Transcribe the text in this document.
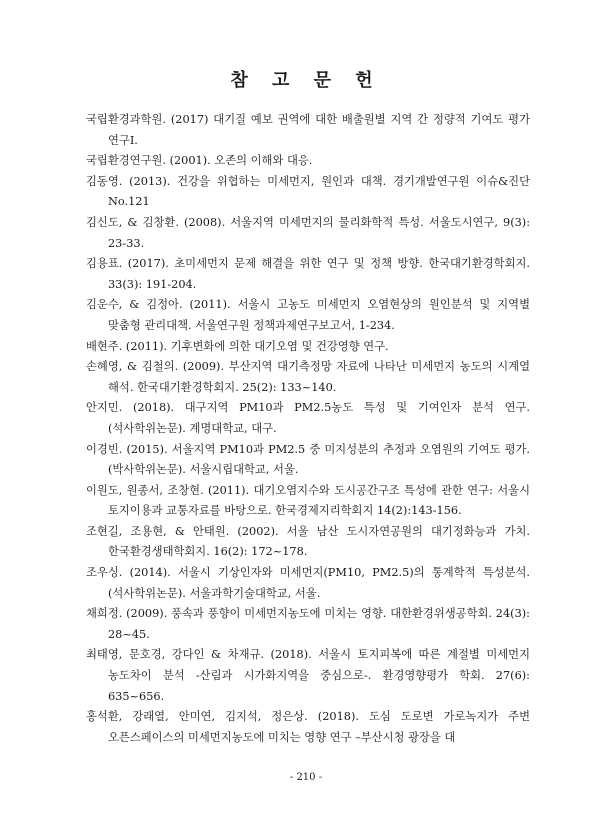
참 고 문 헌
국립환경과학원. (2017) 대기질 예보 권역에 대한 배출원별 지역 간 정량적 기여도 평가 연구Ⅰ.
국립환경연구원. (2001). 오존의 이해와 대응.
김동영. (2013). 건강을 위협하는 미세먼지, 원인과 대책. 경기개발연구원 이슈&진단 No.121
김신도, & 김창환. (2008). 서울지역 미세먼지의 물리화학적 특성. 서울도시연구, 9(3): 23-33.
김용표. (2017). 초미세먼지 문제 해결을 위한 연구 및 정책 방향. 한국대기환경학회지. 33(3): 191-204.
김운수, & 김정아. (2011). 서울시 고농도 미세먼지 오염현상의 원인분석 및 지역별 맞춤형 관리대책. 서울연구원 정책과제연구보고서, 1-234.
배현주. (2011). 기후변화에 의한 대기오염 및 건강영향 연구.
손혜영, & 김철의. (2009). 부산지역 대기측정망 자료에 나타난 미세먼지 농도의 시계열 해석. 한국대기환경학회지. 25(2): 133~140.
안지민. (2018). 대구지역 PM10과 PM2.5농도 특성 및 기여인자 분석 연구. (석사학위논문). 계명대학교, 대구.
이경빈. (2015). 서울지역 PM10과 PM2.5 중 미지성분의 추정과 오염원의 기여도 평가. (박사학위논문). 서울시립대학교, 서울.
이원도, 원종서, 조창현. (2011). 대기오염지수와 도시공간구조 특성에 관한 연구: 서울시 토지이용과 교통자료를 바탕으로. 한국경제지리학회지 14(2):143-156.
조현길, 조용현, & 안태원. (2002). 서울 남산 도시자연공원의 대기정화능과 가치. 한국환경생태학회지. 16(2): 172~178.
조우싱. (2014). 서울시 기상인자와 미세먼지(PM10, PM2.5)의 통계학적 특성분석. (석사학위논문). 서울과학기술대학교, 서울.
채희정. (2009). 풍속과 풍향이 미세먼지농도에 미치는 영향. 대한환경위생공학회. 24(3): 28~45.
최태영, 문호경, 강다인 & 차재규. (2018). 서울시 토지피복에 따른 계절별 미세먼지 농도차이 분석 -산림과 시가화지역을 중심으로-. 환경영향평가 학회. 27(6): 635~656.
홍석환, 강래열, 안미연, 김지석, 정은상. (2018). 도심 도로변 가로녹지가 주변 오픈스페이스의 미세먼지농도에 미치는 영향 연구 –부산시청 광장을 대
- 210 -
